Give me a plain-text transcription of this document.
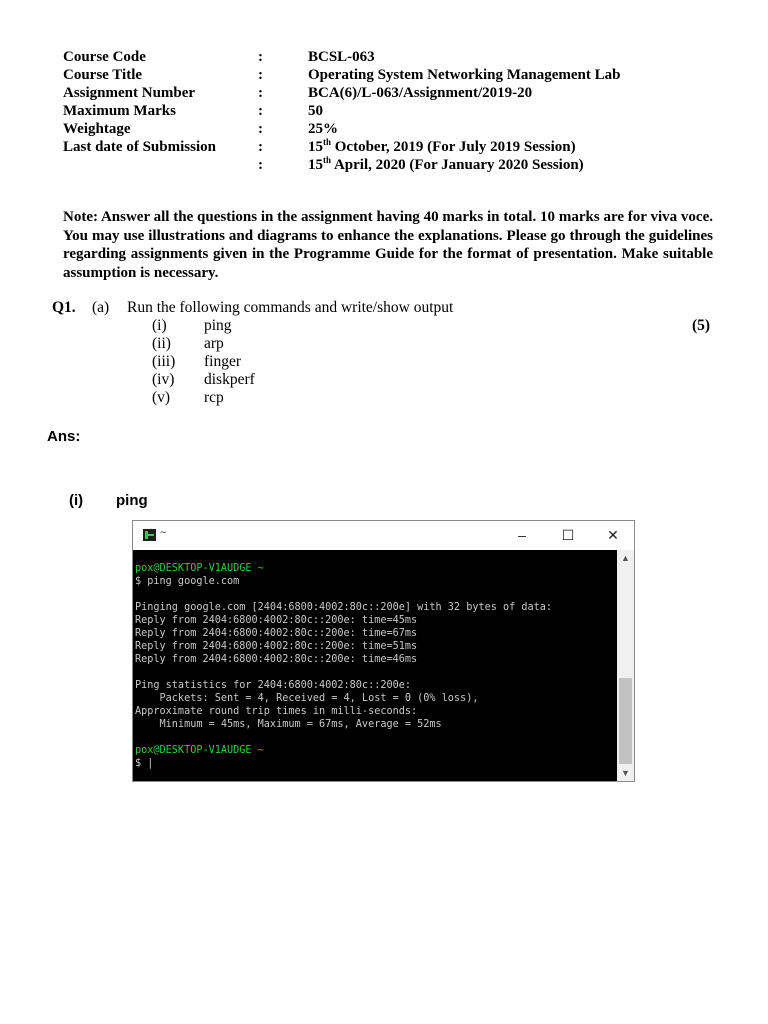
Course Code	:	BCSL-063
Course Title	:	Operating System Networking Management Lab
Assignment Number	:	BCA(6)/L-063/Assignment/2019-20
Maximum Marks	:	50
Weightage	:	25%
Last date of Submission	:	15th October, 2019 (For July 2019 Session)
:	15th April, 2020 (For January 2020 Session)
Note: Answer all the questions in the assignment having 40 marks in total. 10 marks are for viva voce. You may use illustrations and diagrams to enhance the explanations. Please go through the guidelines regarding assignments given in the Programme Guide for the format of presentation. Make suitable assumption is necessary.
Q1. (a) Run the following commands and write/show output
(5)
(i) ping
(ii) arp
(iii) finger
(iv) diskperf
(v) rcp
Ans:
(i) ping
~	–	☐	✕
pox@DESKTOP-V1AUDGE ~
$ ping google.com

Pinging google.com [2404:6800:4002:80c::200e] with 32 bytes of data:
Reply from 2404:6800:4002:80c::200e: time=45ms
Reply from 2404:6800:4002:80c::200e: time=67ms
Reply from 2404:6800:4002:80c::200e: time=51ms
Reply from 2404:6800:4002:80c::200e: time=46ms

Ping statistics for 2404:6800:4002:80c::200e:
Packets: Sent = 4, Received = 4, Lost = 0 (0% loss),
Approximate round trip times in milli-seconds:
Minimum = 45ms, Maximum = 67ms, Average = 52ms

pox@DESKTOP-V1AUDGE ~
$ |
▲
▼
